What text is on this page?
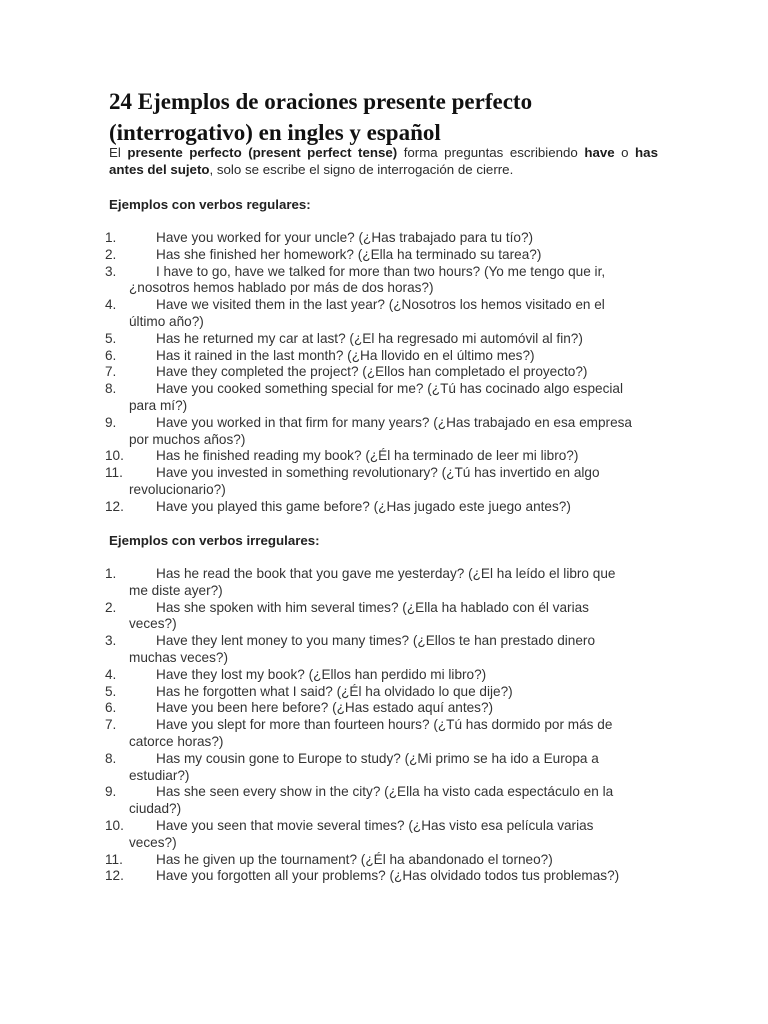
24 Ejemplos de oraciones presente perfecto (interrogativo) en ingles y español

El presente perfecto (present perfect tense) forma preguntas escribiendo have o has antes del sujeto, solo se escribe el signo de interrogación de cierre.

Ejemplos con verbos regulares:
1.	Have you worked for your uncle? (¿Has trabajado para tu tío?)
2.	Has she finished her homework? (¿Ella ha terminado su tarea?)
3.	I have to go, have we talked for more than two hours? (Yo me tengo que ir, ¿nosotros hemos hablado por más de dos horas?)
4.	Have we visited them in the last year? (¿Nosotros los hemos visitado en el último año?)
5.	Has he returned my car at last? (¿El ha regresado mi automóvil al fin?)
6.	Has it rained in the last month? (¿Ha llovido en el último mes?)
7.	Have they completed the project? (¿Ellos han completado el proyecto?)
8.	Have you cooked something special for me? (¿Tú has cocinado algo especial para mí?)
9.	Have you worked in that firm for many years? (¿Has trabajado en esa empresa por muchos años?)
10.	Has he finished reading my book? (¿Él ha terminado de leer mi libro?)
11.	Have you invested in something revolutionary? (¿Tú has invertido en algo revolucionario?)
12.	Have you played this game before? (¿Has jugado este juego antes?)
Ejemplos con verbos irregulares:
1.	Has he read the book that you gave me yesterday? (¿El ha leído el libro que me diste ayer?)
2.	Has she spoken with him several times? (¿Ella ha hablado con él varias veces?)
3.	Have they lent money to you many times? (¿Ellos te han prestado dinero muchas veces?)
4.	Have they lost my book? (¿Ellos han perdido mi libro?)
5.	Has he forgotten what I said? (¿Él ha olvidado lo que dije?)
6.	Have you been here before? (¿Has estado aquí antes?)
7.	Have you slept for more than fourteen hours? (¿Tú has dormido por más de catorce horas?)
8.	Has my cousin gone to Europe to study? (¿Mi primo se ha ido a Europa a estudiar?)
9.	Has she seen every show in the city? (¿Ella ha visto cada espectáculo en la ciudad?)
10.	Have you seen that movie several times? (¿Has visto esa película varias veces?)
11.	Has he given up the tournament? (¿Él ha abandonado el torneo?)
12.	Have you forgotten all your problems? (¿Has olvidado todos tus problemas?)
